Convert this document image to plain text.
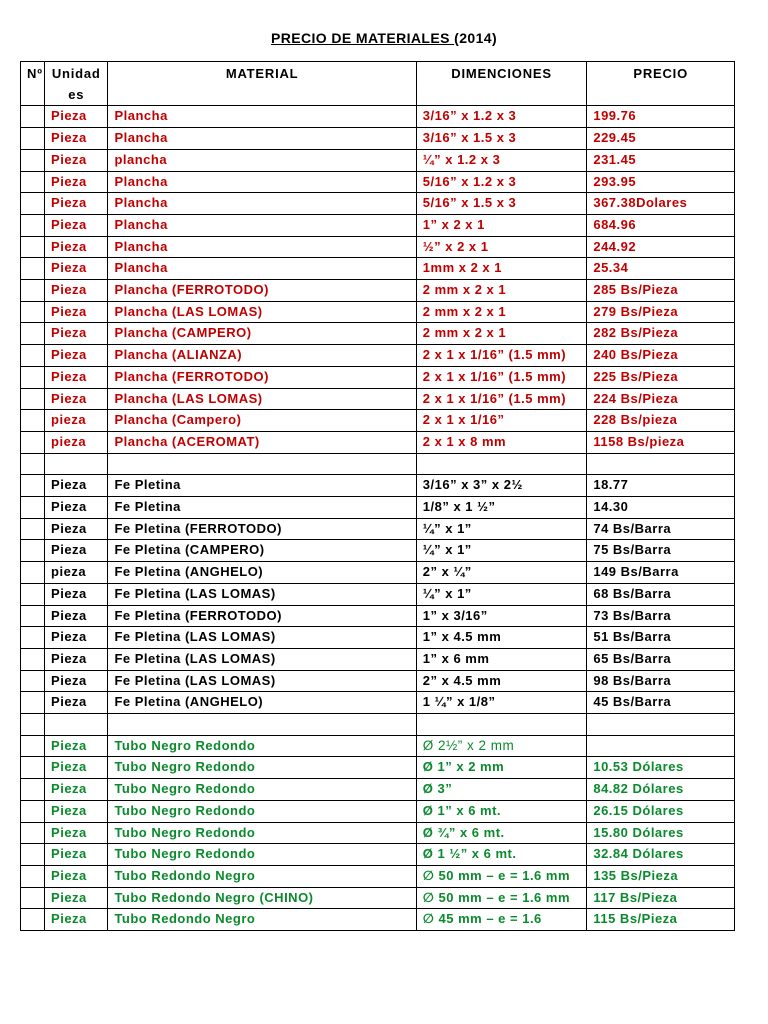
PRECIO DE MATERIALES (2014)
Nº	Unidad es	MATERIAL	DIMENCIONES	PRECIO
	Pieza	Plancha	3/16” x 1.2 x 3	199.76
	Pieza	Plancha	3/16” x 1.5 x 3	229.45
	Pieza	plancha	¼” x 1.2 x 3	231.45
	Pieza	Plancha	5/16” x 1.2 x 3	293.95
	Pieza	Plancha	5/16” x 1.5 x 3	367.38Dolares
	Pieza	Plancha	1” x 2 x 1	684.96
	Pieza	Plancha	½” x 2 x 1	244.92
	Pieza	Plancha	1mm x 2 x 1	25.34
	Pieza	Plancha (FERROTODO)	2 mm x 2 x 1	285 Bs/Pieza
	Pieza	Plancha (LAS LOMAS)	2 mm x 2 x 1	279 Bs/Pieza
	Pieza	Plancha (CAMPERO)	2 mm x 2 x 1	282 Bs/Pieza
	Pieza	Plancha (ALIANZA)	2 x 1 x 1/16” (1.5 mm)	240 Bs/Pieza
	Pieza	Plancha (FERROTODO)	2 x 1 x 1/16” (1.5 mm)	225 Bs/Pieza
	Pieza	Plancha (LAS LOMAS)	2 x 1 x 1/16” (1.5 mm)	224 Bs/Pieza
	pieza	Plancha (Campero)	2 x 1 x 1/16”	228 Bs/pieza
	pieza	Plancha (ACEROMAT)	2 x 1 x 8 mm	1158 Bs/pieza

	Pieza	Fe Pletina	3/16” x 3” x 2½	18.77
	Pieza	Fe Pletina	1/8” x 1 ½”	14.30
	Pieza	Fe Pletina (FERROTODO)	¼” x 1”	74 Bs/Barra
	Pieza	Fe Pletina (CAMPERO)	¼” x 1”	75 Bs/Barra
	pieza	Fe Pletina (ANGHELO)	2” x ¼”	149 Bs/Barra
	Pieza	Fe Pletina (LAS LOMAS)	¼” x 1”	68 Bs/Barra
	Pieza	Fe Pletina (FERROTODO)	1” x 3/16”	73 Bs/Barra
	Pieza	Fe Pletina (LAS LOMAS)	1” x 4.5 mm	51 Bs/Barra
	Pieza	Fe Pletina (LAS LOMAS)	1” x 6 mm	65 Bs/Barra
	Pieza	Fe Pletina (LAS LOMAS)	2” x 4.5 mm	98 Bs/Barra
	Pieza	Fe Pletina (ANGHELO)	1 ¼” x 1/8”	45 Bs/Barra

	Pieza	Tubo Negro Redondo	Ø 2½” x 2 mm	
	Pieza	Tubo Negro Redondo	Ø 1” x 2 mm	10.53 Dólares
	Pieza	Tubo Negro Redondo	Ø 3”	84.82 Dólares
	Pieza	Tubo Negro Redondo	Ø 1” x 6 mt.	26.15 Dólares
	Pieza	Tubo Negro Redondo	Ø ¾” x 6 mt.	15.80 Dólares
	Pieza	Tubo Negro Redondo	Ø 1 ½” x 6 mt.	32.84 Dólares
	Pieza	Tubo Redondo Negro	∅ 50 mm – e = 1.6 mm	135 Bs/Pieza
	Pieza	Tubo Redondo Negro (CHINO)	∅ 50 mm – e = 1.6 mm	117 Bs/Pieza
	Pieza	Tubo Redondo Negro	∅ 45 mm – e = 1.6	115 Bs/Pieza
